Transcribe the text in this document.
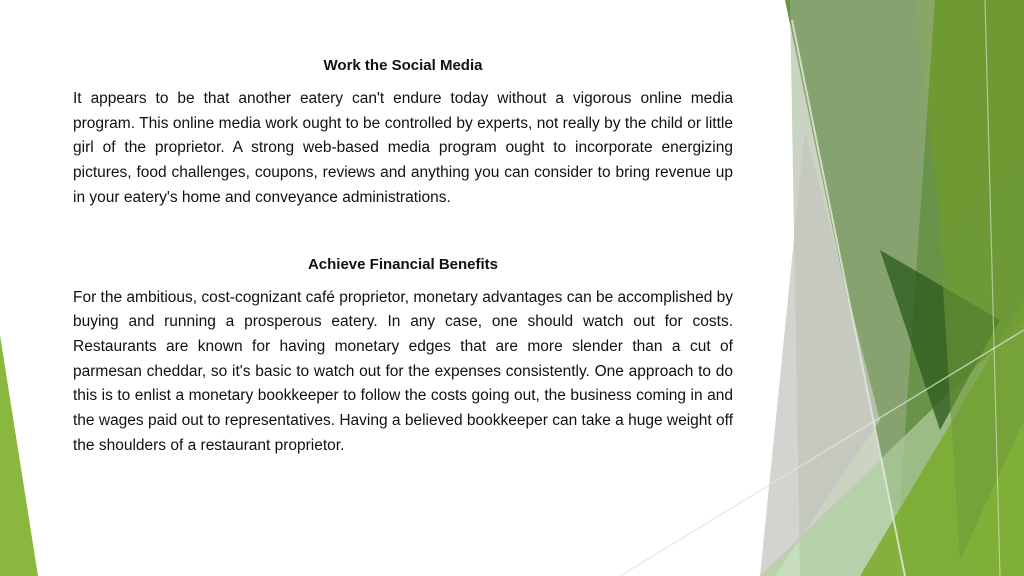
Work the Social Media

It appears to be that another eatery can't endure today without a vigorous online media program. This online media work ought to be controlled by experts, not really by the child or little girl of the proprietor. A strong web-based media program ought to incorporate energizing pictures, food challenges, coupons, reviews and anything you can consider to bring revenue up in your eatery's home and conveyance administrations.

Achieve Financial Benefits

For the ambitious, cost-cognizant café proprietor, monetary advantages can be accomplished by buying and running a prosperous eatery. In any case, one should watch out for costs. Restaurants are known for having monetary edges that are more slender than a cut of parmesan cheddar, so it's basic to watch out for the expenses consistently. One approach to do this is to enlist a monetary bookkeeper to follow the costs going out, the business coming in and the wages paid out to representatives. Having a believed bookkeeper can take a huge weight off the shoulders of a restaurant proprietor.
